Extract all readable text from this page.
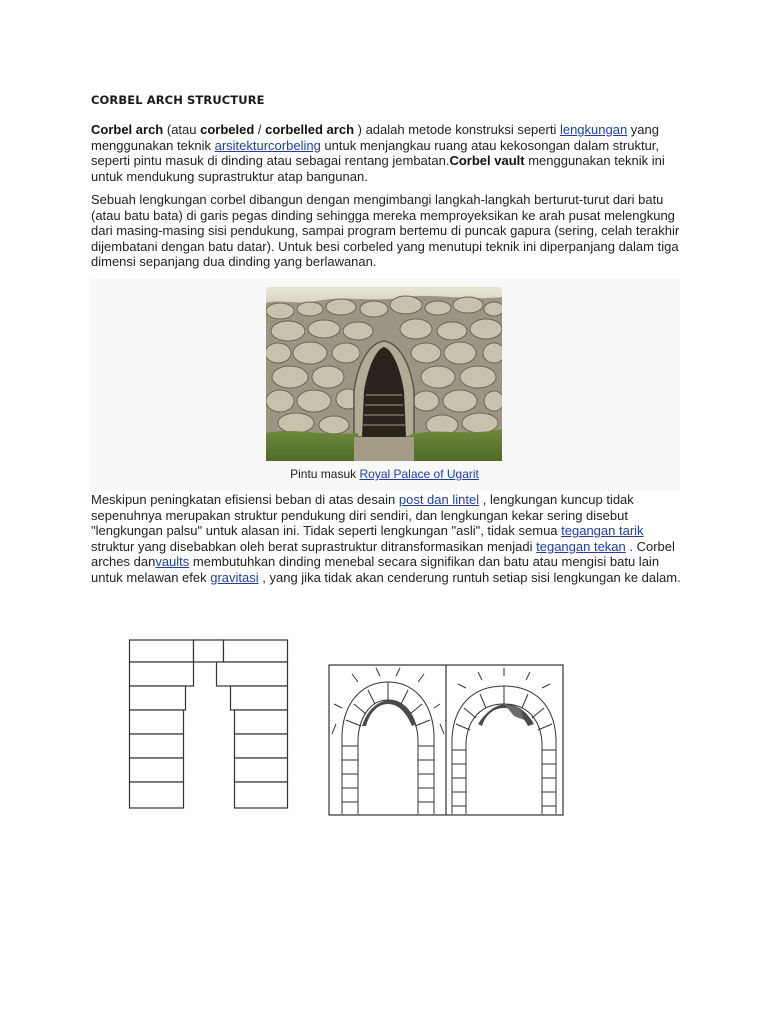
CORBEL ARCH STRUCTURE

Corbel arch (atau corbeled / corbelled arch ) adalah metode konstruksi seperti lengkungan yang menggunakan teknik arsitekturcorbeling untuk menjangkau ruang atau kekosongan dalam struktur, seperti pintu masuk di dinding atau sebagai rentang jembatan.Corbel vault menggunakan teknik ini untuk mendukung suprastruktur atap bangunan.

Sebuah lengkungan corbel dibangun dengan mengimbangi langkah-langkah berturut-turut dari batu (atau batu bata) di garis pegas dinding sehingga mereka memproyeksikan ke arah pusat melengkung dari masing-masing sisi pendukung, sampai program bertemu di puncak gapura (sering, celah terakhir dijembatani dengan batu datar). Untuk besi corbeled yang menutupi teknik ini diperpanjang dalam tiga dimensi sepanjang dua dinding yang berlawanan.

Pintu masuk Royal Palace of Ugarit

Meskipun peningkatan efisiensi beban di atas desain post dan lintel , lengkungan kuncup tidak sepenuhnya merupakan struktur pendukung diri sendiri, dan lengkungan kekar sering disebut "lengkungan palsu" untuk alasan ini. Tidak seperti lengkungan "asli", tidak semua tegangan tarik struktur yang disebabkan oleh berat suprastruktur ditransformasikan menjadi tegangan tekan . Corbel arches danvaults membutuhkan dinding menebal secara signifikan dan batu atau mengisi batu lain untuk melawan efek gravitasi , yang jika tidak akan cenderung runtuh setiap sisi lengkungan ke dalam.
